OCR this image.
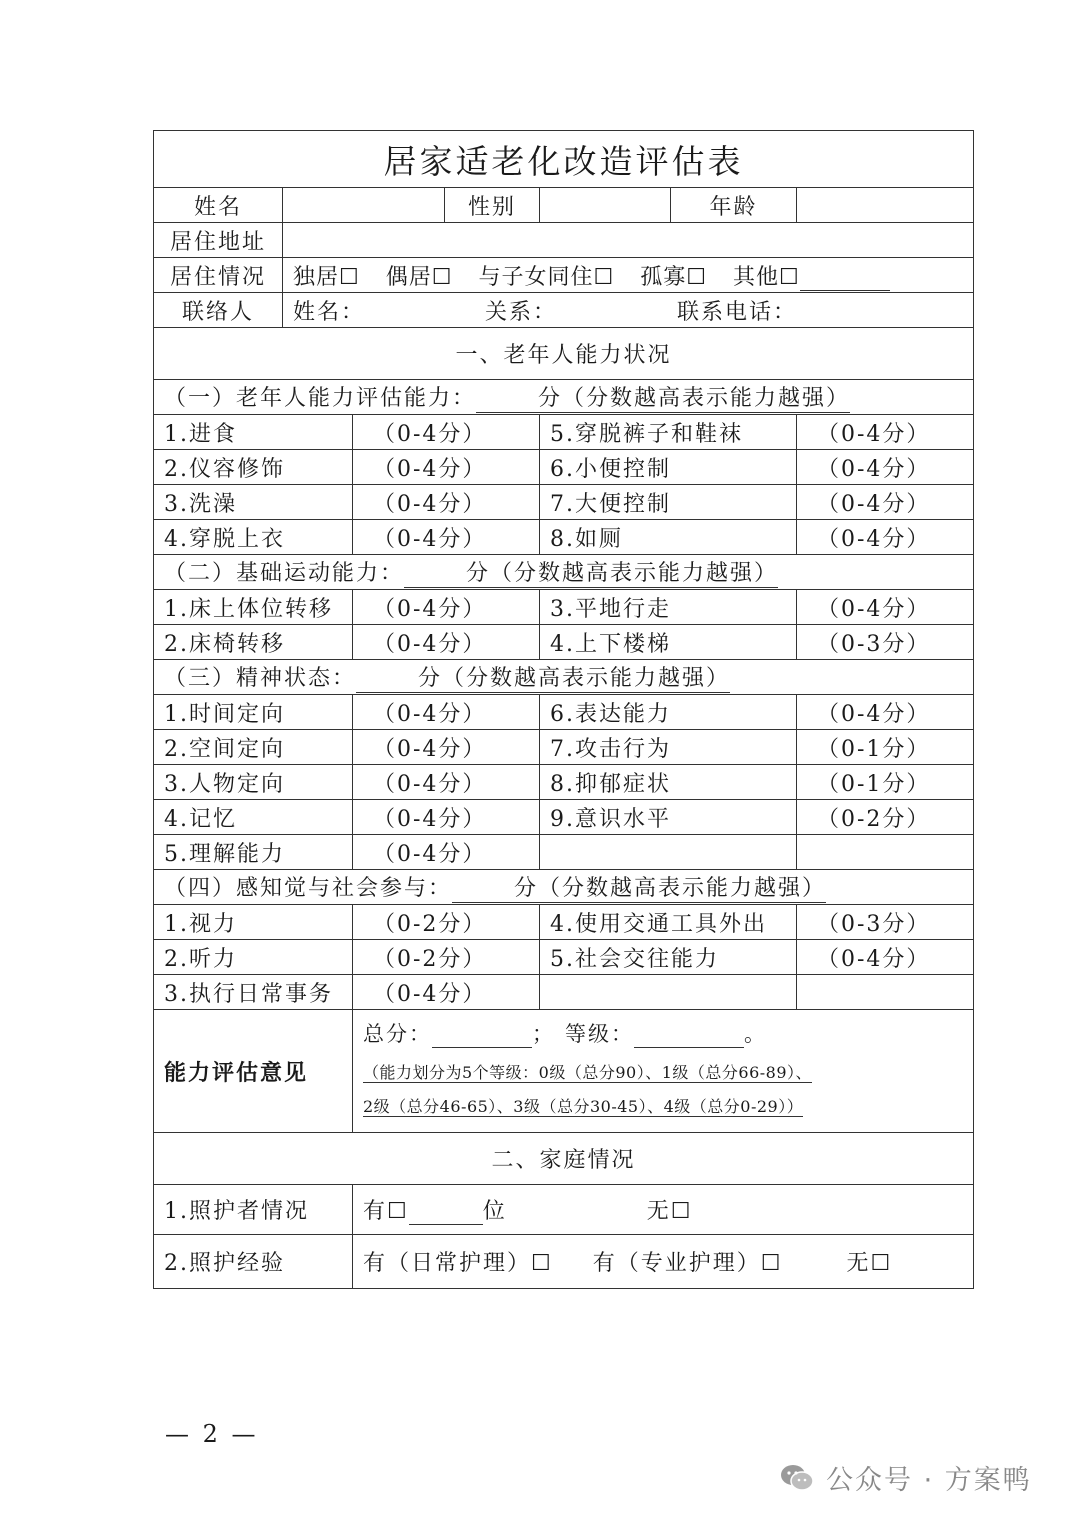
居家适老化改造评估表						
姓名			性别		年龄	
居住地址						
居住情况	独居☐ 偶居☐ 与子女同住☐ 孤寡☐ 其他☐					
联络人	姓名： 关系： 联系电话：					
一、老年人能力状况						
（一）老年人能力评估能力： 分（分数越高表示能力越强）						
1.进食		（0-4分）		5.穿脱裤子和鞋袜		（0-4分）
2.仪容修饰		（0-4分）		6.小便控制		（0-4分）
3.洗澡		（0-4分）		7.大便控制		（0-4分）
4.穿脱上衣		（0-4分）		8.如厕		（0-4分）
（二）基础运动能力： 分（分数越高表示能力越强）						
1.床上体位转移		（0-4分）		3.平地行走		（0-4分）
2.床椅转移		（0-4分）		4.上下楼梯		（0-3分）
（三）精神状态： 分（分数越高表示能力越强）						
1.时间定向		（0-4分）		6.表达能力		（0-4分）
2.空间定向		（0-4分）		7.攻击行为		（0-1分）
3.人物定向		（0-4分）		8.抑郁症状		（0-1分）
4.记忆		（0-4分）		9.意识水平		（0-2分）
5.理解能力		（0-4分）				
（四）感知觉与社会参与： 分（分数越高表示能力越强）						
1.视力		（0-2分）		4.使用交通工具外出		（0-3分）
2.听力		（0-2分）		5.社会交往能力		（0-4分）
3.执行日常事务		（0-4分）				
能力评估意见		总分： ； 等级： 。
（能力划分为5个等级：0级（总分90）、1级（总分66-89）、
2级（总分46-65）、3级（总分30-45）、4级（总分0-29））				

二、家庭情况						
1.照护者情况		有☐ 位 无☐				
2.照护经验		有（日常护理）☐ 有（专业护理）☐ 无☐				
— 2 —
公众号 · 方案鸭
